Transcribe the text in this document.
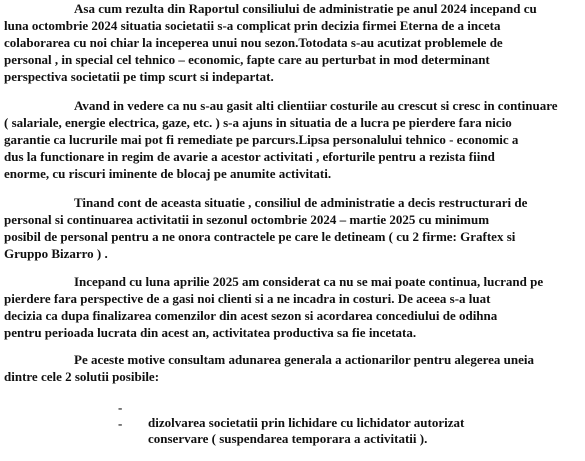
Asa cum rezulta din Raportul consiliului de administratie pe anul 2024 incepand cu
luna octombrie 2024 situatia societatii s-a complicat prin decizia firmei Eterna de a inceta
colaborarea cu noi chiar la inceperea unui nou sezon.Totodata s-au acutizat problemele de
personal , in special cel tehnico – economic, fapte care au perturbat in mod determinant
perspectiva societatii pe timp scurt si indepartat.
Avand in vedere ca nu s-au gasit alti clientiiar costurile au crescut si cresc in continuare
( salariale, energie electrica, gaze, etc. ) s-a ajuns in situatia de a lucra pe pierdere fara nicio
garantie ca lucrurile mai pot fi remediate pe parcurs.Lipsa personalului tehnico - economic a
dus la functionare in regim de avarie a acestor activitati , eforturile pentru a rezista fiind
enorme, cu riscuri iminente de blocaj pe anumite activitati.
Tinand cont de aceasta situatie , consiliul de administratie a decis restructurari de
personal si continuarea activitatii in sezonul octombrie 2024 – martie 2025 cu minimum
posibil de personal pentru a ne onora contractele pe care le detineam ( cu 2 firme: Graftex si
Gruppo Bizarro ) .
Incepand cu luna aprilie 2025 am considerat ca nu se mai poate continua, lucrand pe
pierdere fara perspective de a gasi noi clienti si a ne incadra in costuri. De aceea s-a luat
decizia ca dupa finalizarea comenzilor din acest sezon si acordarea concediului de odihna
pentru perioada lucrata din acest an, activitatea productiva sa fie incetata.
Pe aceste motive consultam adunarea generala a actionarilor pentru alegerea uneia
dintre cele 2 solutii posibile:

-

dizolvarea societatii prin lichidare cu lichidator autorizat

-

conservare ( suspendarea temporara a activitatii ).
